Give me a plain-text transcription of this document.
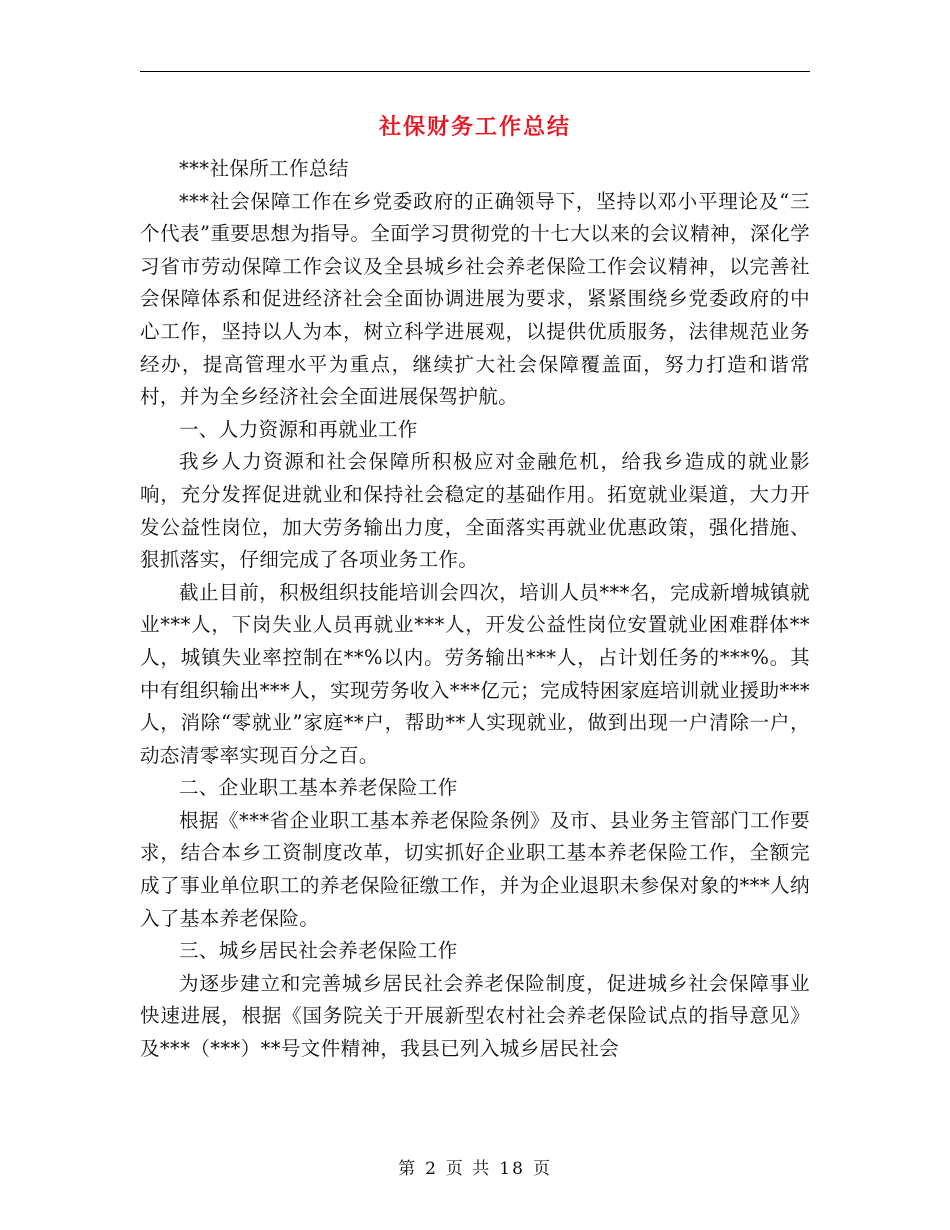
社保财务工作总结

***社保所工作总结

***社会保障工作在乡党委政府的正确领导下，坚持以邓小平理论及“三个代表”重要思想为指导。全面学习贯彻党的十七大以来的会议精神，深化学习省市劳动保障工作会议及全县城乡社会养老保险工作会议精神，以完善社会保障体系和促进经济社会全面协调进展为要求，紧紧围绕乡党委政府的中心工作，坚持以人为本，树立科学进展观，以提供优质服务，法律规范业务经办，提高管理水平为重点，继续扩大社会保障覆盖面，努力打造和谐常村，并为全乡经济社会全面进展保驾护航。

一、人力资源和再就业工作

我乡人力资源和社会保障所积极应对金融危机，给我乡造成的就业影响，充分发挥促进就业和保持社会稳定的基础作用。拓宽就业渠道，大力开发公益性岗位，加大劳务输出力度，全面落实再就业优惠政策，强化措施、狠抓落实，仔细完成了各项业务工作。

截止目前，积极组织技能培训会四次，培训人员***名，完成新增城镇就业***人，下岗失业人员再就业***人，开发公益性岗位安置就业困难群体**人，城镇失业率控制在**%以内。劳务输出***人，占计划任务的***%。其中有组织输出***人，实现劳务收入***亿元；完成特困家庭培训就业援助***人，消除“零就业”家庭**户，帮助**人实现就业，做到出现一户清除一户，动态清零率实现百分之百。

二、企业职工基本养老保险工作

根据《***省企业职工基本养老保险条例》及市、县业务主管部门工作要求，结合本乡工资制度改革，切实抓好企业职工基本养老保险工作，全额完成了事业单位职工的养老保险征缴工作，并为企业退职未参保对象的***人纳入了基本养老保险。

三、城乡居民社会养老保险工作

为逐步建立和完善城乡居民社会养老保险制度，促进城乡社会保障事业快速进展，根据《国务院关于开展新型农村社会养老保险试点的指导意见》及***（***）**号文件精神，我县已列入城乡居民社会

第 2 页 共 18 页
